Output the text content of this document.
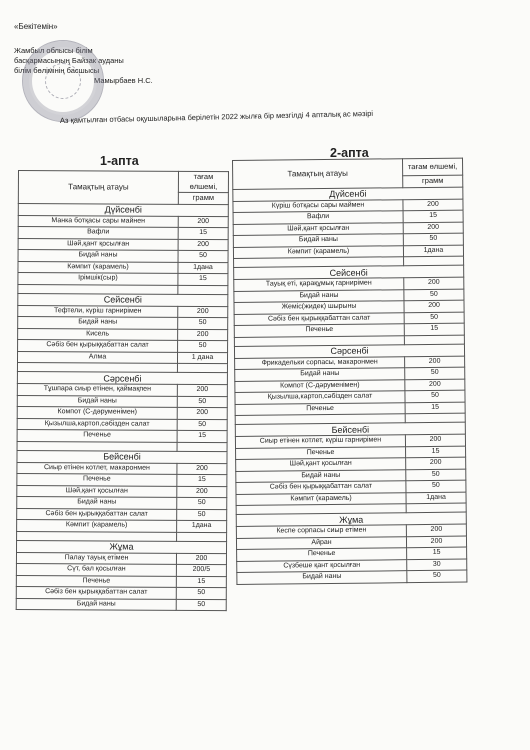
«Бекітемін»
Жамбыл облысы білім
басқармасының Байзак ауданы
білім бөлімінің басшысы
Мамырбаев Н.С.
Аз қамтылған отбасы оқушыларына берілетін 2022 жылға бір мезгілдi 4 апталық ас мәзірі
1-апта
2-апта
Тамақтың атауы	тағам өлшемі,
	грамм
Дүйсенбі	
Манка ботқасы сары майнен	200
Вафли	15
Шәй,қант қосылған	200
Бидай наны	50
Кәмпит (карамель)	1дана
Ірімшік(сыр)	15

Сейсенбі	
Тефтели, күріш гарнирімен	200
Бидай наны	50
Кисель	200
Сәбіз бен қырыққабаттан салат	50
Алма	1 дана

Сәрсенбі	
Тұшпара сиыр етінен, қаймақпен	200
Бидай наны	50
Компот (С-дәруменімен)	200
Қызылша,картоп,сәбізден салат	50
Печенье	15

Бейсенбі	
Сиыр етінен котлет, макаронмен	200
Печенье	15
Шәй,қант қосылған	200
Бидай наны	50
Сәбіз бен қырыққабаттан салат	50
Кәмпит (карамель)	1дана

Жұма	
Палау тауық етімен	200
Сүт, бал қосылған	200/5
Печенье	15
Сәбіз бен қырыққабаттан салат	50
Бидай наны	50
Тамақтың атауы	тағам өлшемі,
	грамм
Дүйсенбі	
Күріш ботқасы сары маймен	200
Вафли	15
Шәй,қант қосылған	200
Бидай наны	50
Кәмпит (карамель)	1дана

Сейсенбі	
Тауық еті, қарақұмық гарнирімен	200
Бидай наны	50
Жеміс(жидек) шырыны	200
Сәбіз бен қырыққабаттан салат	50
Печенье	15

Сәрсенбі	
Фрикадельки сорпасы, макаронмен	200
Бидай наны	50
Компот (С-дәруменімен)	200
Қызылша,картоп,сәбізден салат	50
Печенье	15

Бейсенбі	
Сиыр етінен котлет, күріш гарнирімен	200
Печенье	15
Шәй,қант қосылған	200
Бидай наны	50
Сәбіз бен қырыққабаттан салат	50
Кәмпит (карамель)	1дана

Жұма	
Кеспе сорпасы сиыр етімен	200
Айран	200
Печенье	15
Сүзбеше қант қосылған	30
Бидай наны	50
